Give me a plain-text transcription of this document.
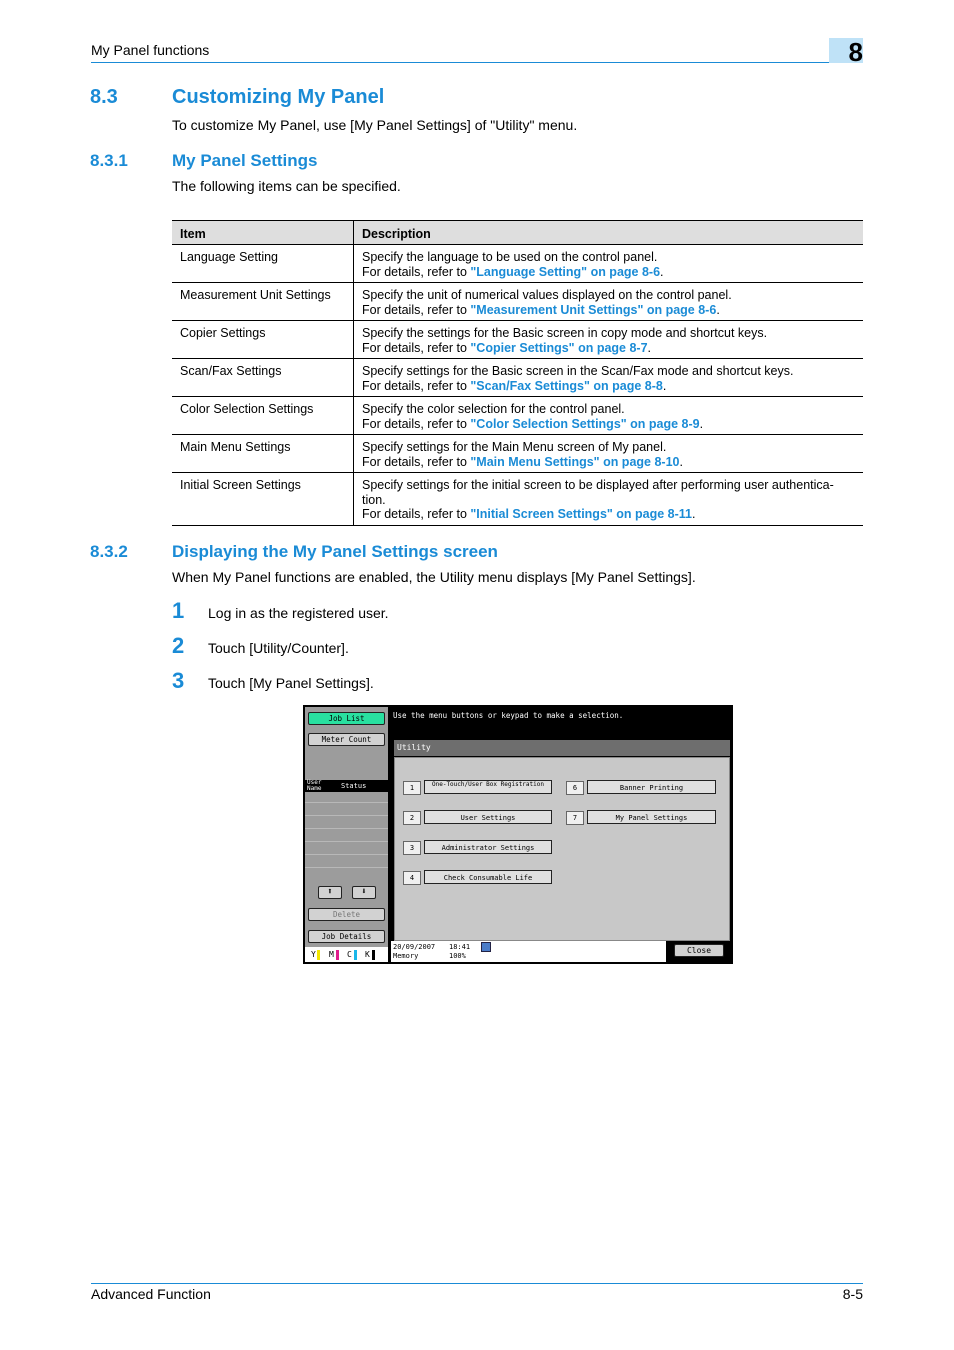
My Panel functions	8
8.3	Customizing My Panel
To customize My Panel, use [My Panel Settings] of "Utility" menu.
8.3.1	My Panel Settings
The following items can be specified.
Item	Description
Language Setting	Specify the language to be used on the control panel.
For details, refer to "Language Setting" on page 8-6.

Measurement Unit Settings	Specify the unit of numerical values displayed on the control panel.
For details, refer to "Measurement Unit Settings" on page 8-6.

Copier Settings	Specify the settings for the Basic screen in copy mode and shortcut keys.
For details, refer to "Copier Settings" on page 8-7.

Scan/Fax Settings	Specify settings for the Basic screen in the Scan/Fax mode and shortcut keys.
For details, refer to "Scan/Fax Settings" on page 8-8.

Color Selection Settings	Specify the color selection for the control panel.
For details, refer to "Color Selection Settings" on page 8-9.

Main Menu Settings	Specify settings for the Main Menu screen of My panel.
For details, refer to "Main Menu Settings" on page 8-10.

Initial Screen Settings	Specify settings for the initial screen to be displayed after performing user authentica-tion.
For details, refer to "Initial Screen Settings" on page 8-11.
8.3.2	Displaying the My Panel Settings screen
When My Panel functions are enabled, the Utility menu displays [My Panel Settings].
1 Log in as the registered user.
2 Touch [Utility/Counter].
3 Touch [My Panel Settings].
Job List
Meter Count
User Name	Status
⬆	⬇
Delete
Job Details
Y M C K
Use the menu buttons or keypad to make a selection.
Utility
1	One-Touch/User Box Registration
2	User Settings
3	Administrator Settings
4	Check Consumable Life
6	Banner Printing
7	My Panel Settings
20/09/2007 18:41
Memory	100%
Close
Advanced Function	8-5
